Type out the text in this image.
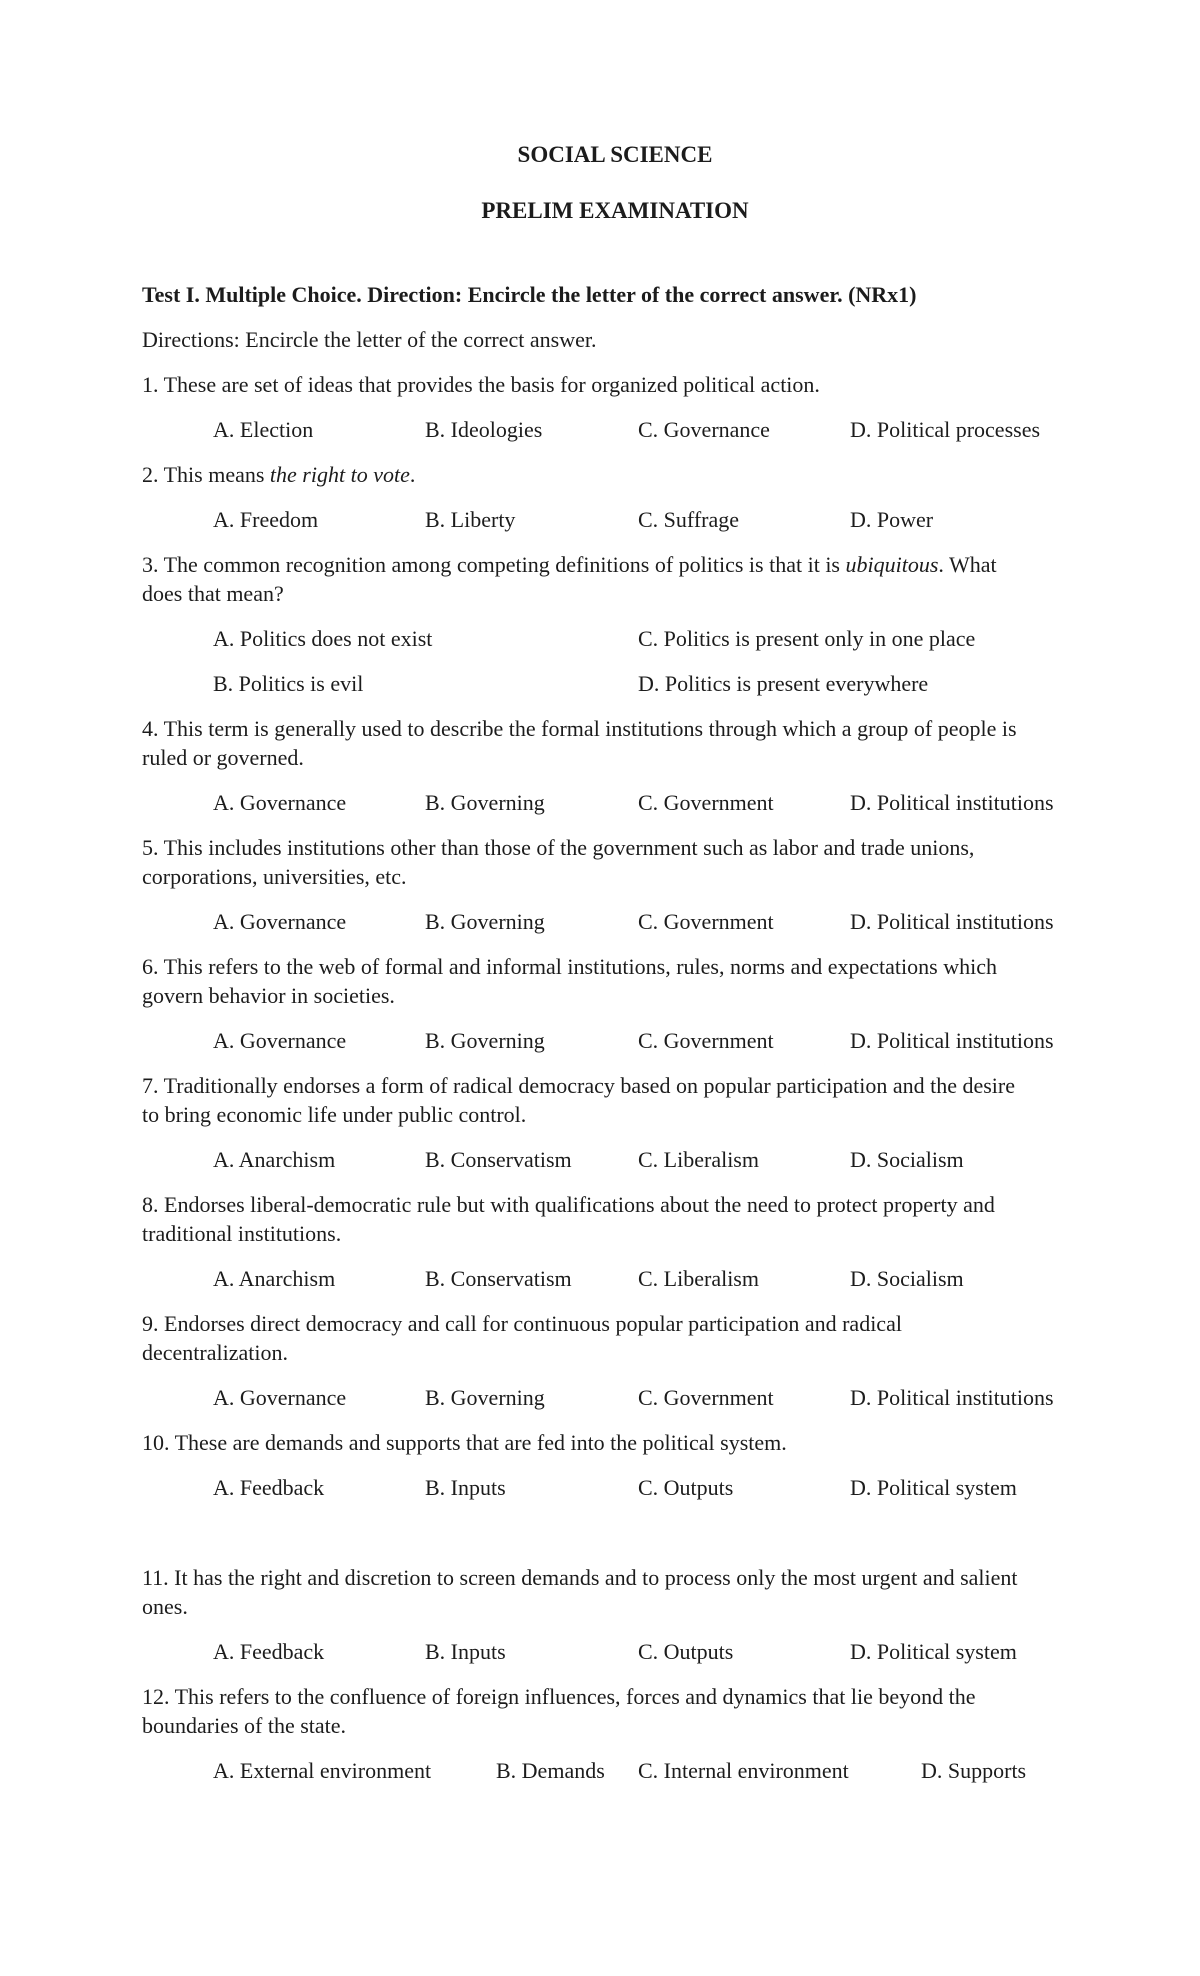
SOCIAL SCIENCE

PRELIM EXAMINATION

Test I. Multiple Choice. Direction: Encircle the letter of the correct answer. (NRx1)

Directions: Encircle the letter of the correct answer.

1. These are set of ideas that provides the basis for organized political action.

A. Election	B. Ideologies	C. Governance	D. Political processes

2. This means the right to vote.

A. Freedom	B. Liberty	C. Suffrage	D. Power

3. The common recognition among competing definitions of politics is that it is ubiquitous. What

does that mean?

A. Politics does not exist	C. Politics is present only in one place

B. Politics is evil	D. Politics is present everywhere

4. This term is generally used to describe the formal institutions through which a group of people is

ruled or governed.

A. Governance	B. Governing	C. Government	D. Political institutions

5. This includes institutions other than those of the government such as labor and trade unions,

corporations, universities, etc.

A. Governance	B. Governing	C. Government	D. Political institutions

6. This refers to the web of formal and informal institutions, rules, norms and expectations which

govern behavior in societies.

A. Governance	B. Governing	C. Government	D. Political institutions

7. Traditionally endorses a form of radical democracy based on popular participation and the desire

to bring economic life under public control.

A. Anarchism	B. Conservatism	C. Liberalism	D. Socialism

8. Endorses liberal-democratic rule but with qualifications about the need to protect property and

traditional institutions.

A. Anarchism	B. Conservatism	C. Liberalism	D. Socialism

9. Endorses direct democracy and call for continuous popular participation and radical

decentralization.

A. Governance	B. Governing	C. Government	D. Political institutions

10. These are demands and supports that are fed into the political system.

A. Feedback	B. Inputs	C. Outputs	D. Political system

11. It has the right and discretion to screen demands and to process only the most urgent and salient

ones.

A. Feedback	B. Inputs	C. Outputs	D. Political system

12. This refers to the confluence of foreign influences, forces and dynamics that lie beyond the

boundaries of the state.

A. External environment	B. Demands C. Internal environment	D. Supports
